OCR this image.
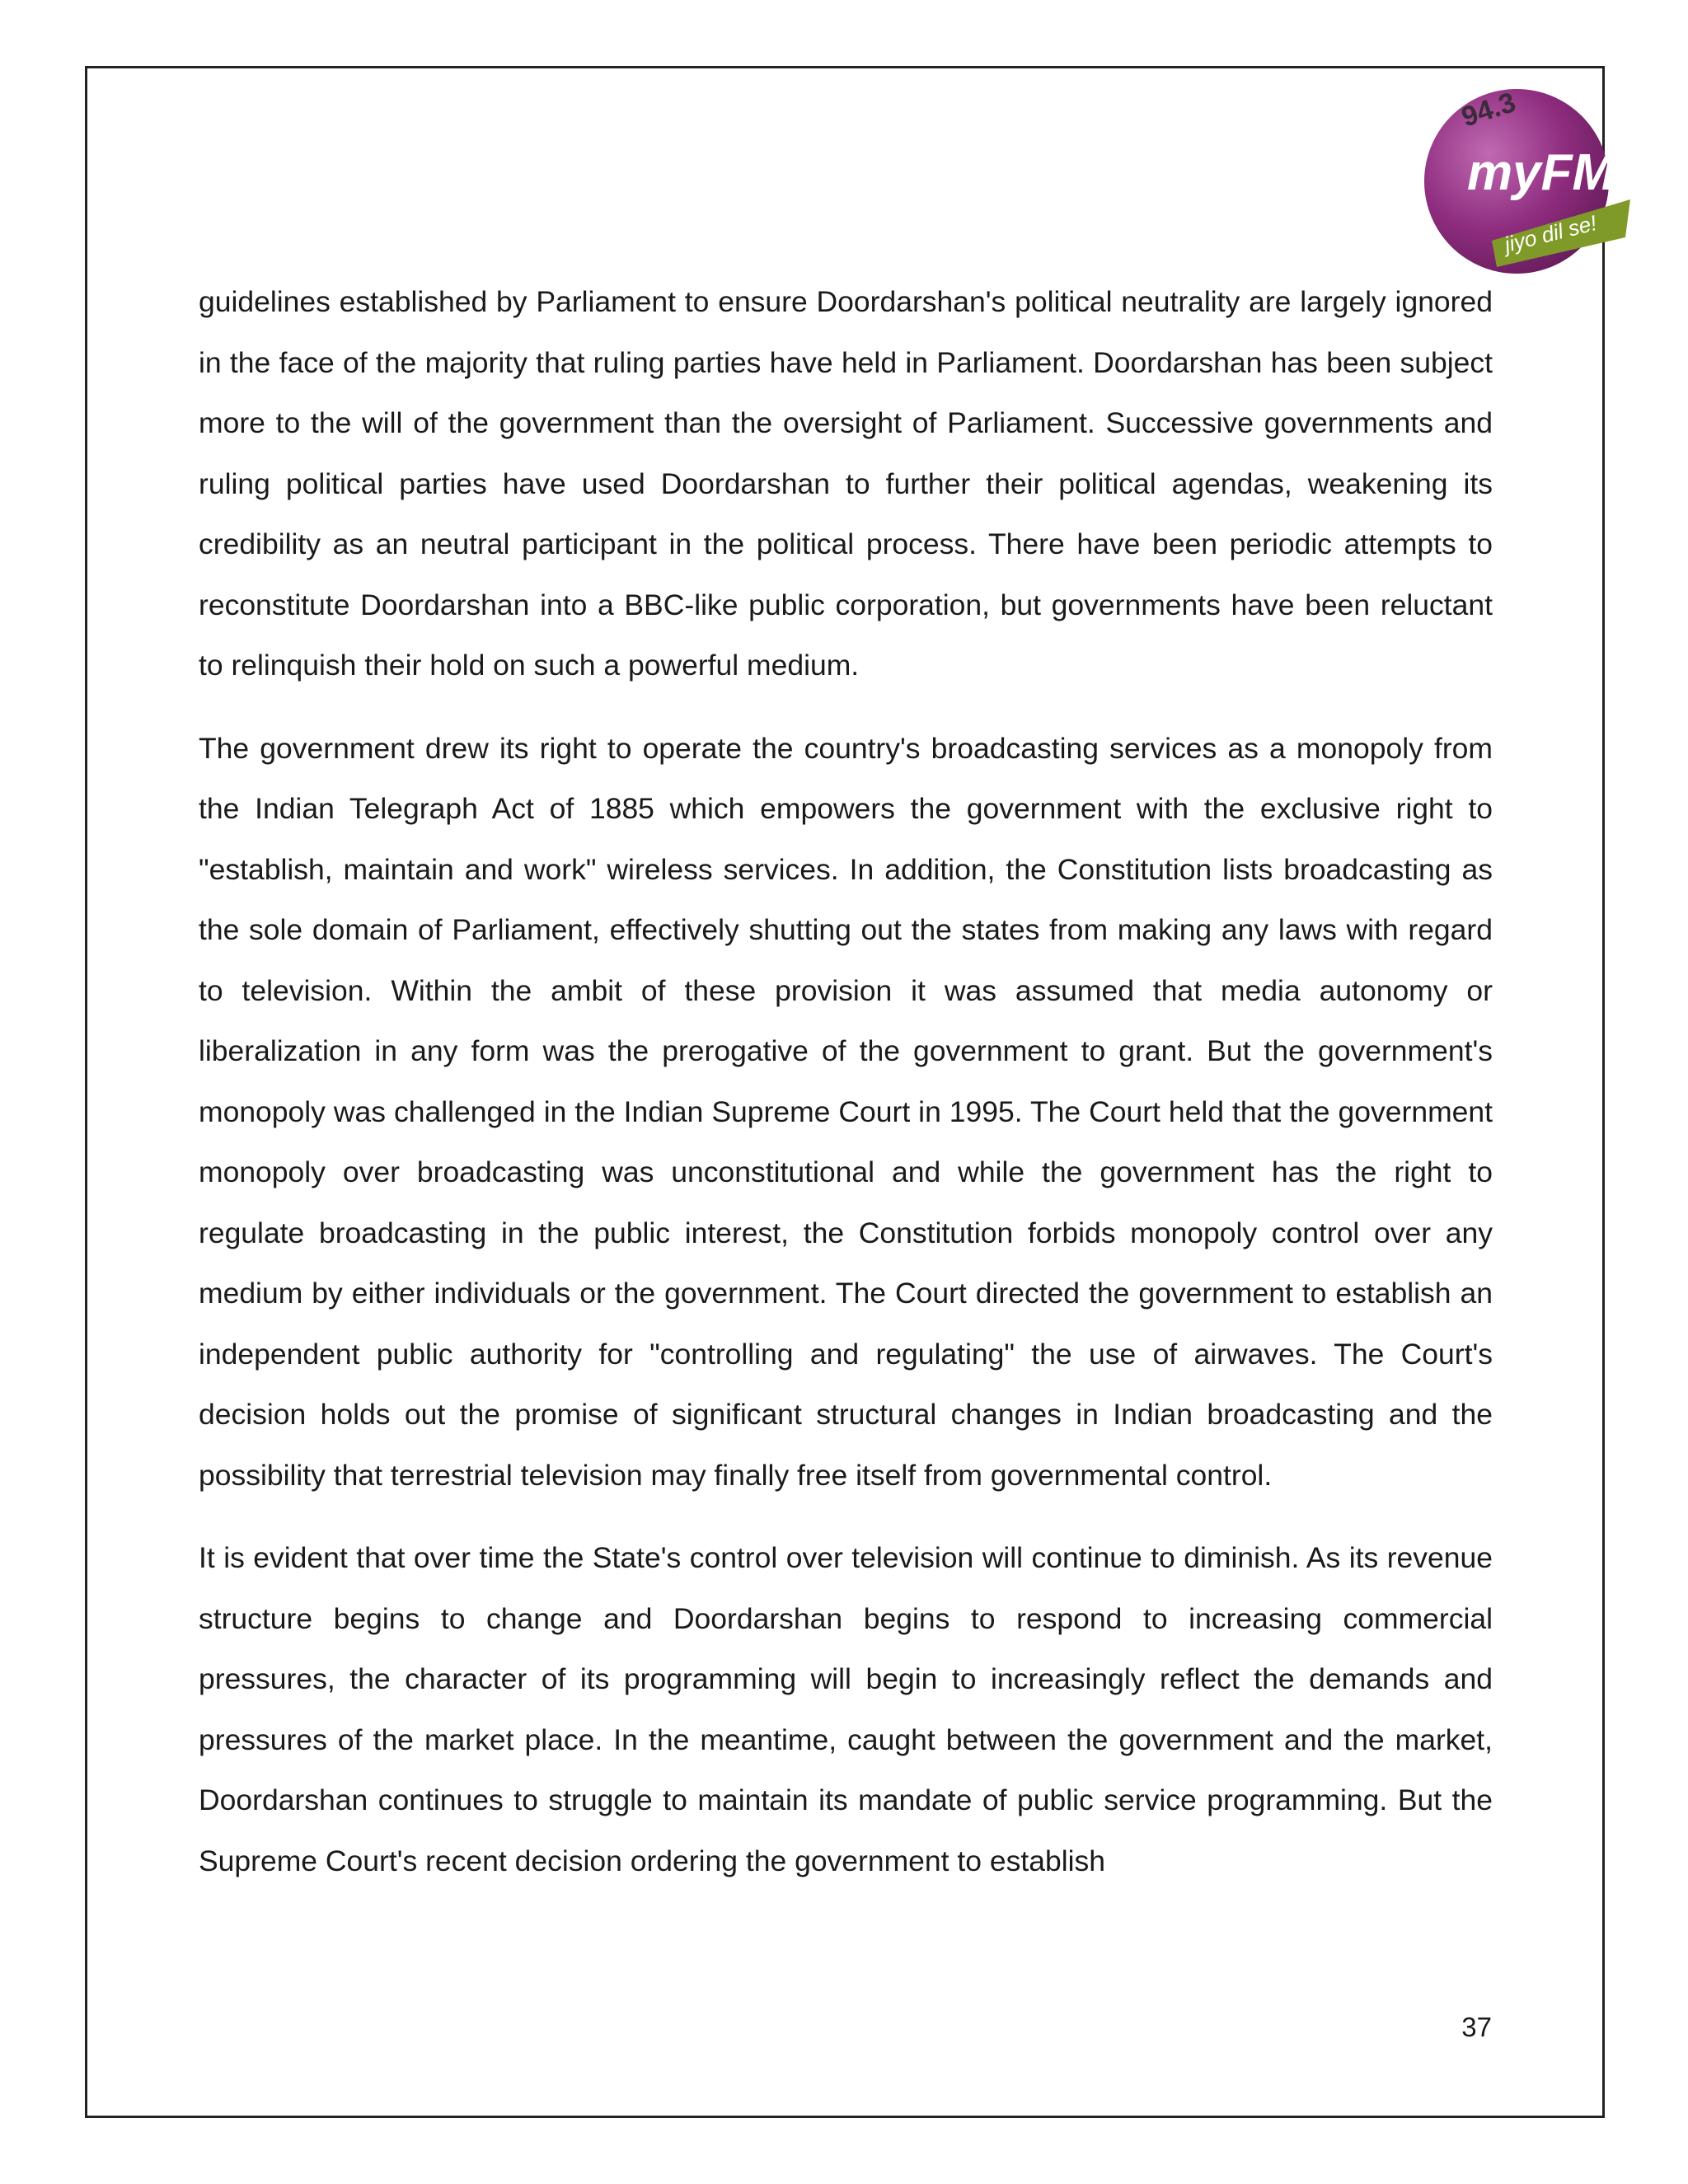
94.3
myFM
jiyo dil se!

guidelines established by Parliament to ensure Doordarshan's political neutrality are largely ignored in the face of the majority that ruling parties have held in Parliament. Doordarshan has been subject more to the will of the government than the oversight of Parliament. Successive governments and ruling political parties have used Doordarshan to further their political agendas, weakening its credibility as an neutral participant in the political process. There have been periodic attempts to reconstitute Doordarshan into a BBC-like public corporation, but governments have been reluctant to relinquish their hold on such a powerful medium.

The government drew its right to operate the country's broadcasting services as a monopoly from the Indian Telegraph Act of 1885 which empowers the government with the exclusive right to "establish, maintain and work" wireless services. In addition, the Constitution lists broadcasting as the sole domain of Parliament, effectively shutting out the states from making any laws with regard to television. Within the ambit of these provision it was assumed that media autonomy or liberalization in any form was the prerogative of the government to grant. But the government's monopoly was challenged in the Indian Supreme Court in 1995. The Court held that the government monopoly over broadcasting was unconstitutional and while the government has the right to regulate broadcasting in the public interest, the Constitution forbids monopoly control over any medium by either individuals or the government. The Court directed the government to establish an independent public authority for "controlling and regulating" the use of airwaves. The Court's decision holds out the promise of significant structural changes in Indian broadcasting and the possibility that terrestrial television may finally free itself from governmental control.

It is evident that over time the State's control over television will continue to diminish. As its revenue structure begins to change and Doordarshan begins to respond to increasing commercial pressures, the character of its programming will begin to increasingly reflect the demands and pressures of the market place. In the meantime, caught between the government and the market, Doordarshan continues to struggle to maintain its mandate of public service programming. But the Supreme Court's recent decision ordering the government to establish

37
